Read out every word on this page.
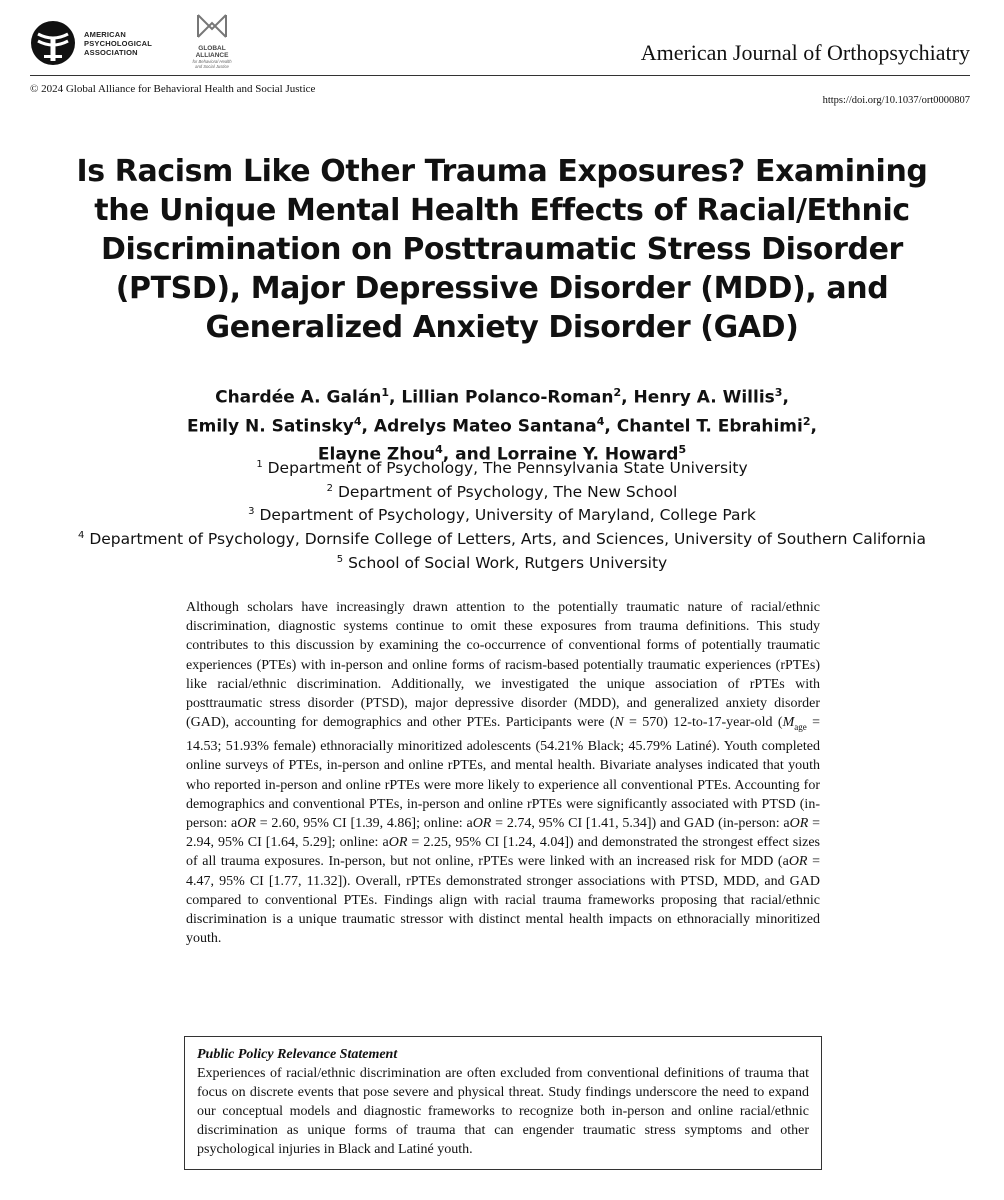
AMERICAN
PSYCHOLOGICAL
ASSOCIATION	GLOBAL
ALLIANCE
for Behavioral Health
and Social Justice
American Journal of Orthopsychiatry
© 2024 Global Alliance for Behavioral Health and Social Justice
https://doi.org/10.1037/ort0000807
Is Racism Like Other Trauma Exposures? Examining
the Unique Mental Health Effects of Racial/Ethnic
Discrimination on Posttraumatic Stress Disorder
(PTSD), Major Depressive Disorder (MDD), and
Generalized Anxiety Disorder (GAD)
Chardée A. Galán$^1$, Lillian Polanco-Roman$^2$, Henry A. Willis$^3$,
Emily N. Satinsky$^4$, Adrelys Mateo Santana$^4$, Chantel T. Ebrahimi$^2$,
Elayne Zhou$^4$, and Lorraine Y. Howard$^5$
$^1$ Department of Psychology, The Pennsylvania State University
$^2$ Department of Psychology, The New School
$^3$ Department of Psychology, University of Maryland, College Park
$^4$ Department of Psychology, Dornsife College of Letters, Arts, and Sciences, University of Southern California
$^5$ School of Social Work, Rutgers University
Although scholars have increasingly drawn attention to the potentially traumatic nature of racial/ethnic discrimination, diagnostic systems continue to omit these exposures from trauma definitions. This study contributes to this discussion by examining the co-occurrence of conventional forms of potentially traumatic experiences (PTEs) with in-person and online forms of racism-based potentially traumatic experiences (rPTEs) like racial/ethnic discrimination. Additionally, we investigated the unique association of rPTEs with posttraumatic stress disorder (PTSD), major depressive disorder (MDD), and generalized anxiety disorder (GAD), accounting for demographics and other PTEs. Participants were (N = 570) 12-to-17-year-old ($M_{age} = 14.53$; 51.93% female) ethnoracially minoritized adolescents (54.21% Black; 45.79% Latiné). Youth completed online surveys of PTEs, in-person and online rPTEs, and mental health. Bivariate analyses indicated that youth who reported in-person and online rPTEs were more likely to experience all conventional PTEs. Accounting for demographics and conventional PTEs, in-person and online rPTEs were significantly associated with PTSD (in-person: aOR = 2.60, 95% CI [1.39, 4.86]; online: aOR = 2.74, 95% CI [1.41, 5.34]) and GAD (in-person: aOR = 2.94, 95% CI [1.64, 5.29]; online: aOR = 2.25, 95% CI [1.24, 4.04]) and demonstrated the strongest effect sizes of all trauma exposures. In-person, but not online, rPTEs were linked with an increased risk for MDD (aOR = 4.47, 95% CI [1.77, 11.32]). Overall, rPTEs demonstrated stronger associations with PTSD, MDD, and GAD compared to conventional PTEs. Findings align with racial trauma frameworks proposing that racial/ethnic discrimination is a unique traumatic stressor with distinct mental health impacts on ethnoracially minoritized youth.
Public Policy Relevance Statement
Experiences of racial/ethnic discrimination are often excluded from conventional definitions of trauma that focus on discrete events that pose severe and physical threat. Study findings underscore the need to expand our conceptual models and diagnostic frameworks to recognize both in-person and online racial/ethnic discrimination as unique forms of trauma that can engender traumatic stress symptoms and other psychological injuries in Black and Latiné youth.
